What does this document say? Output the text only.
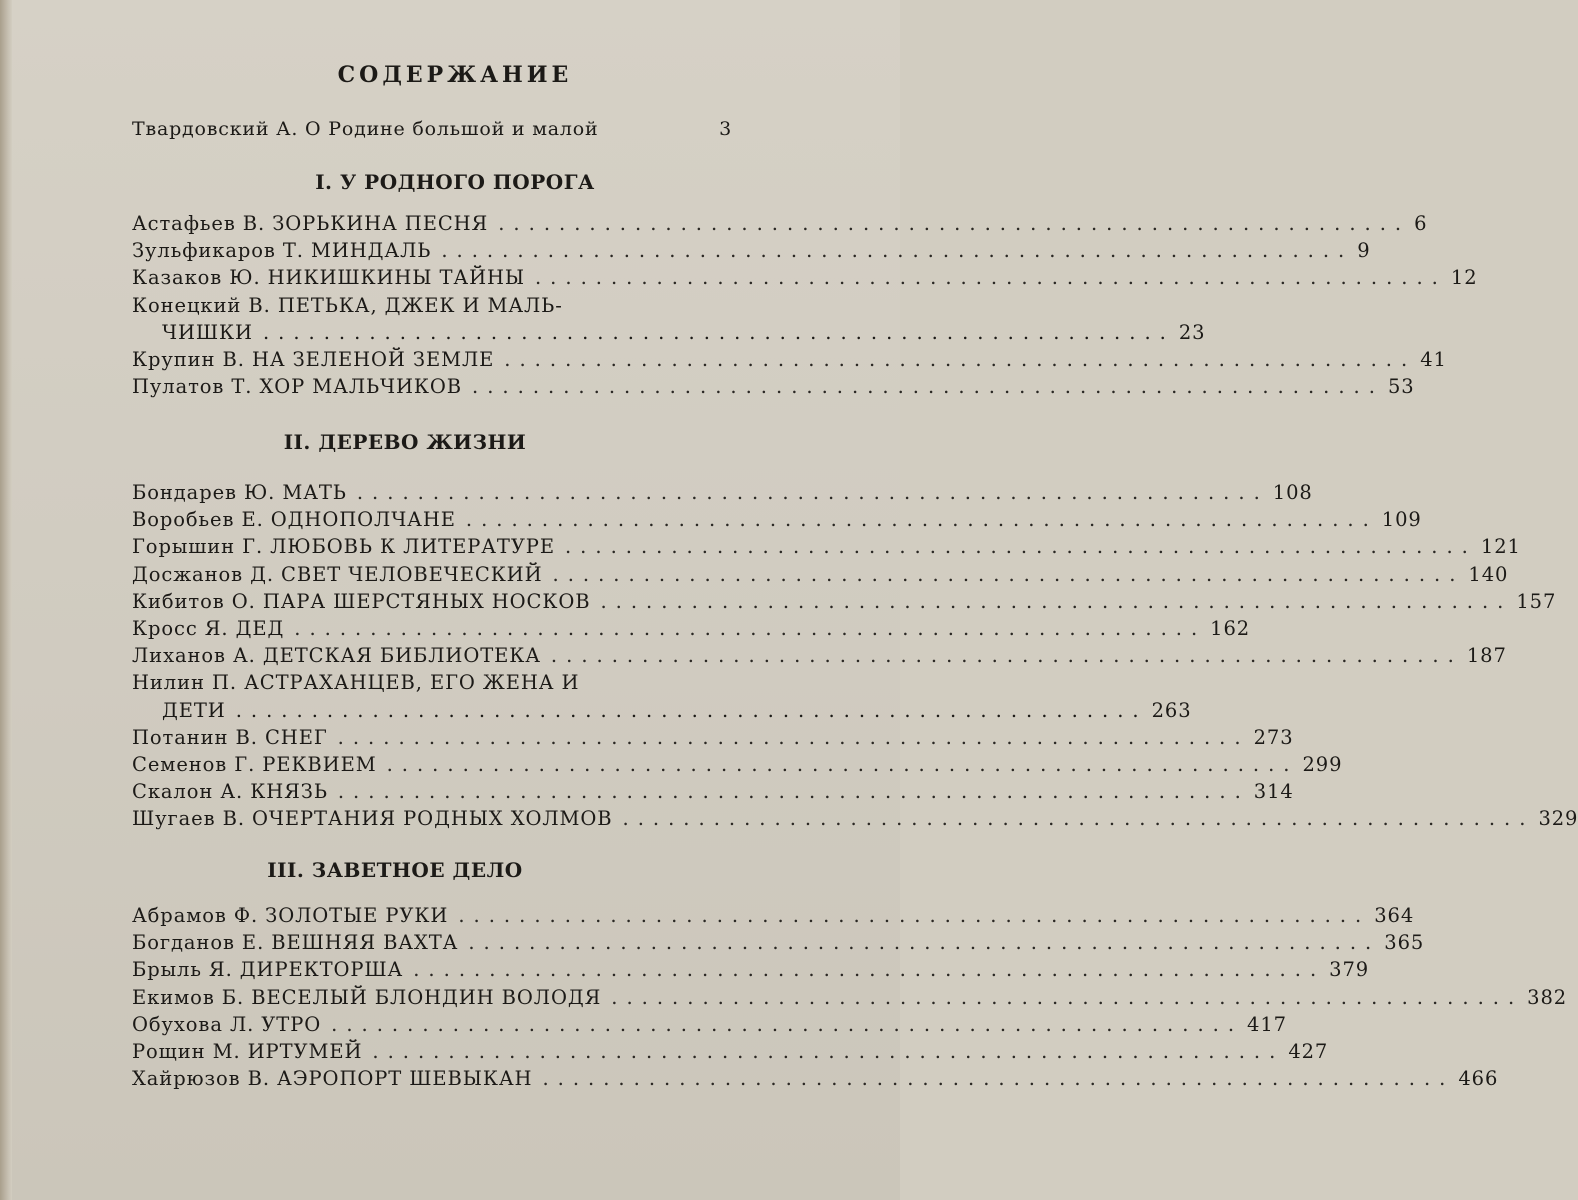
СОДЕРЖАНИЕ
Твардовский А. О Родине большой и малой	3
I. У РОДНОГО ПОРОГА
Астафьев В. ЗОРЬКИНА ПЕСНЯ ............................................................ 6
Зульфикаров Т. МИНДАЛЬ ............................................................ 9
Казаков Ю. НИКИШКИНЫ ТАЙНЫ ............................................................ 12
Конецкий В. ПЕТЬКА, ДЖЕК И МАЛЬ-
ЧИШКИ ............................................................ 23
Крупин В. НА ЗЕЛЕНОЙ ЗЕМЛЕ ............................................................ 41
Пулатов Т. ХОР МАЛЬЧИКОВ ............................................................ 53
II. ДЕРЕВО ЖИЗНИ
Бондарев Ю. МАТЬ ............................................................ 108
Воробьев Е. ОДНОПОЛЧАНЕ ............................................................ 109
Горышин Г. ЛЮБОВЬ К ЛИТЕРАТУРЕ ............................................................ 121
Досжанов Д. СВЕТ ЧЕЛОВЕЧЕСКИЙ ............................................................ 140
Кибитов О. ПАРА ШЕРСТЯНЫХ НОСКОВ ............................................................ 157
Кросс Я. ДЕД ............................................................ 162
Лиханов А. ДЕТСКАЯ БИБЛИОТЕКА ............................................................ 187
Нилин П. АСТРАХАНЦЕВ, ЕГО ЖЕНА И
ДЕТИ ............................................................ 263
Потанин В. СНЕГ ............................................................ 273
Семенов Г. РЕКВИЕМ ............................................................ 299
Скалон А. КНЯЗЬ ............................................................ 314
Шугаев В. ОЧЕРТАНИЯ РОДНЫХ ХОЛМОВ ............................................................ 329
III. ЗАВЕТНОЕ ДЕЛО
Абрамов Ф. ЗОЛОТЫЕ РУКИ ............................................................ 364
Богданов Е. ВЕШНЯЯ ВАХТА ............................................................ 365
Брыль Я. ДИРЕКТОРША ............................................................ 379
Екимов Б. ВЕСЕЛЫЙ БЛОНДИН ВОЛОДЯ ............................................................ 382
Обухова Л. УТРО ............................................................ 417
Рощин М. ИРТУМЕЙ ............................................................ 427
Хайрюзов В. АЭРОПОРТ ШЕВЫКАН ............................................................ 466
